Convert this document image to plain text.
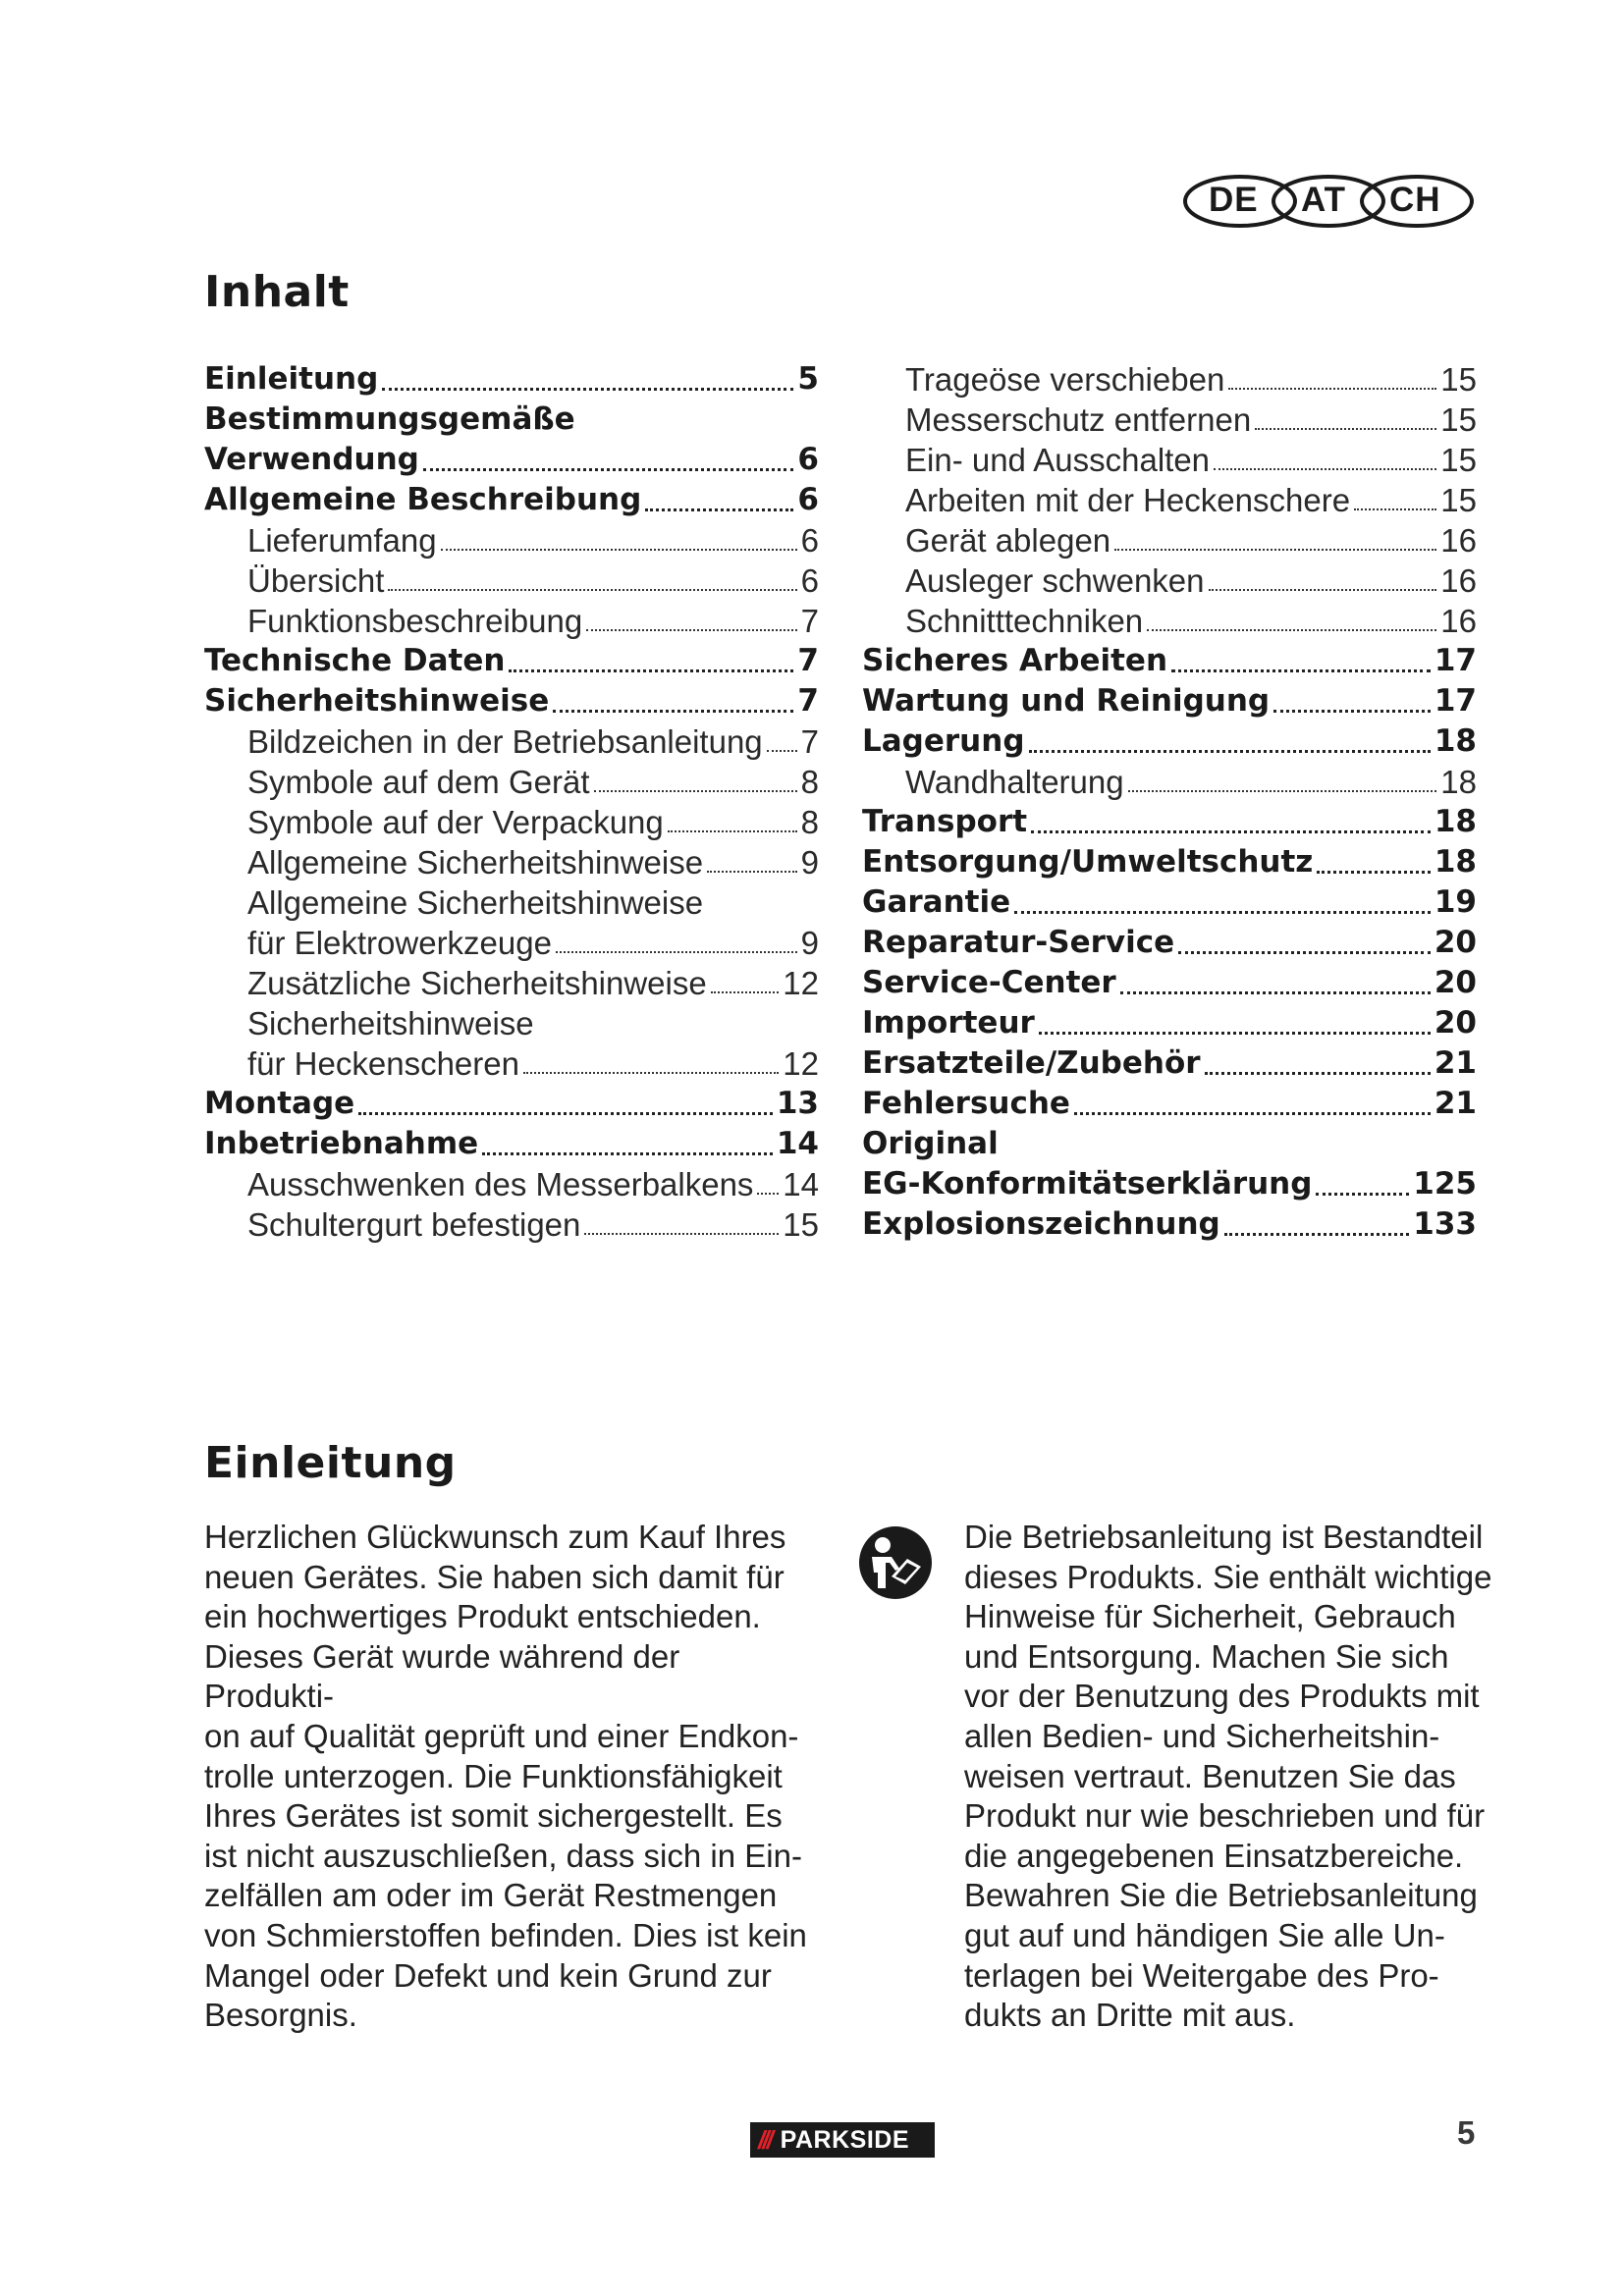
DE AT CH
Inhalt
Einleitung	5
Bestimmungsgemäße
Verwendung	6
Allgemeine Beschreibung	6
Lieferumfang	6
Übersicht	6
Funktionsbeschreibung	7
Technische Daten	7
Sicherheitshinweise	7
Bildzeichen in der Betriebsanleitung 7
Symbole auf dem Gerät	8
Symbole auf der Verpackung	8
Allgemeine Sicherheitshinweise	9
Allgemeine Sicherheitshinweise
für Elektrowerkzeuge	9
Zusätzliche Sicherheitshinweise 12
Sicherheitshinweise
für Heckenscheren	12
Montage	13
Inbetriebnahme	14
Ausschwenken des Messerbalkens 14
Schultergurt befestigen	15
Trageöse verschieben	15
Messerschutz entfernen	15
Ein- und Ausschalten	15
Arbeiten mit der Heckenschere	15
Gerät ablegen	16
Ausleger schwenken	16
Schnitttechniken	16
Sicheres Arbeiten	17
Wartung und Reinigung	17
Lagerung	18
Wandhalterung	18
Transport	18
Entsorgung/Umweltschutz	18
Garantie	19
Reparatur-Service	20
Service-Center	20
Importeur	20
Ersatzteile/Zubehör	21
Fehlersuche	21
Original
EG-Konformitätserklärung	125
Explosionszeichnung	133
Einleitung

Herzlichen Glückwunsch zum Kauf Ihres

neuen Gerätes. Sie haben sich damit für

ein hochwertiges Produkt entschieden.

Dieses Gerät wurde während der Produkti-

on auf Qualität geprüft und einer Endkon-

trolle unterzogen. Die Funktionsfähigkeit

Ihres Gerätes ist somit sichergestellt. Es

ist nicht auszuschließen, dass sich in Ein-

zelfällen am oder im Gerät Restmengen

von Schmierstoffen befinden. Dies ist kein

Mangel oder Defekt und kein Grund zur

Besorgnis.

Die Betriebsanleitung ist Bestandteil

dieses Produkts. Sie enthält wichtige

Hinweise für Sicherheit, Gebrauch

und Entsorgung. Machen Sie sich

vor der Benutzung des Produkts mit

allen Bedien- und Sicherheitshin-

weisen vertraut. Benutzen Sie das

Produkt nur wie beschrieben und für

die angegebenen Einsatzbereiche.

Bewahren Sie die Betriebsanleitung

gut auf und händigen Sie alle Un-

terlagen bei Weitergabe des Pro-

dukts an Dritte mit aus.

/// PARKSIDE	5
